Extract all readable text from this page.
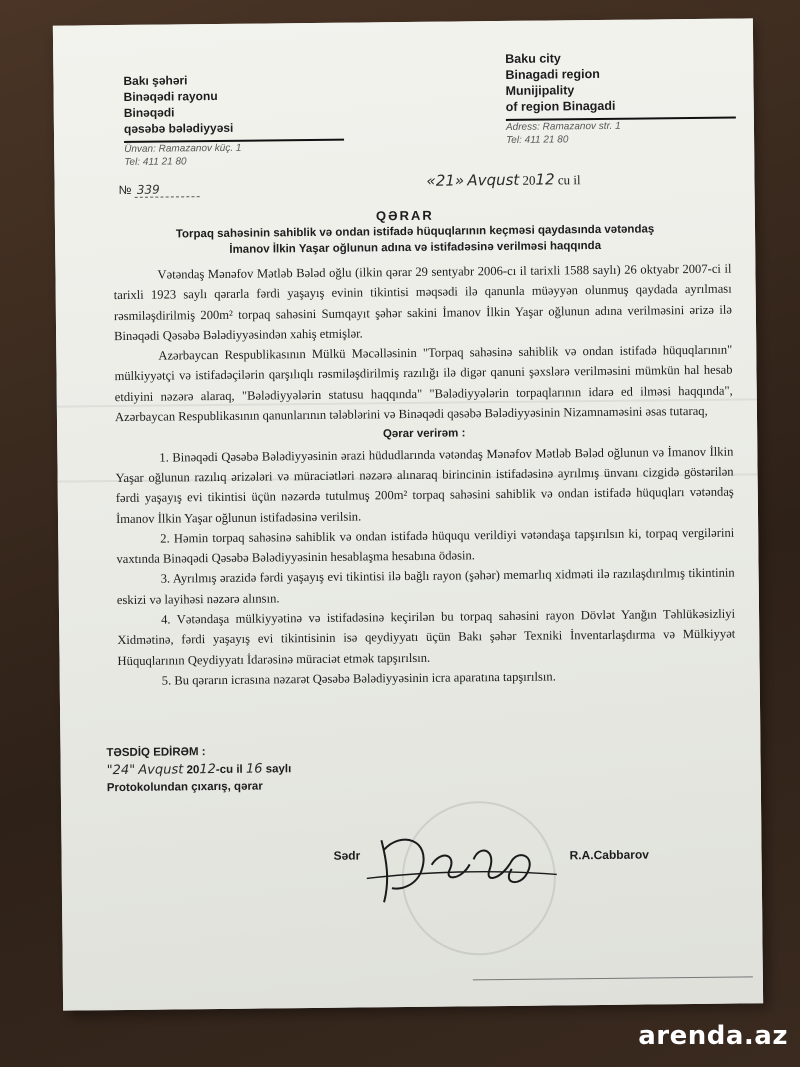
Bakı şəhəri
Binəqədi rayonu
Binəqədi
qəsəbə bələdiyyəsi
Ünvan: Ramazanov küç. 1
Tel: 411 21 80
Baku city
Binagadi region
Munijipality
of region Binagadi
Adress: Ramazanov str. 1
Tel: 411 21 80
№ 339	«21» Avqust 2012 cu il
QƏRAR
Torpaq sahəsinin sahiblik və ondan istifadə hüquqlarının keçməsi qaydasında vətəndaş
İmanov İlkin Yaşar oğlunun adına və istifadəsinə verilməsi haqqında

Vətəndaş Mənəfov Mətləb Bələd oğlu (ilkin qərar 29 sentyabr 2006-cı il tarixli 1588 saylı) 26 oktyabr 2007-ci il tarixli 1923 saylı qərarla fərdi yaşayış evinin tikintisi məqsədi ilə qanunla müəyyən olunmuş qaydada ayrılması rəsmiləşdirilmiş 200m² torpaq sahəsini Sumqayıt şəhər sakini İmanov İlkin Yaşar oğlunun adına verilməsini ərizə ilə Binəqədi Qəsəbə Bələdiyyəsindən xahiş etmişlər.

Azərbaycan Respublikasının Mülkü Məcəlləsinin "Torpaq sahəsinə sahiblik və ondan istifadə hüquqlarının" mülkiyyətçi və istifadəçilərin qarşılıqlı rəsmiləşdirilmiş razılığı ilə digər qanuni şəxslərə verilməsini mümkün hal hesab etdiyini nəzərə alaraq, "Bələdiyyələrin statusu haqqında" "Bələdiyyələrin torpaqlarının idarə ed ilməsi haqqında", Azərbaycan Respublikasının qanunlarının tələblərini və Binəqədi qəsəbə Bələdiyyəsinin Nizamnaməsini əsas tutaraq,

Qərar verirəm :

1. Binəqədi Qəsəbə Bələdiyyəsinin ərazi hüdudlarında vətəndaş Mənəfov Mətləb Bələd oğlunun və İmanov İlkin Yaşar oğlunun razılıq ərizələri və müraciətləri nəzərə alınaraq birincinin istifadəsinə ayrılmış ünvanı cizgidə göstərilən fərdi yaşayış evi tikintisi üçün nəzərdə tutulmuş 200m² torpaq sahəsini sahiblik və ondan istifadə hüquqları vətəndaş İmanov İlkin Yaşar oğlunun istifadəsinə verilsin.

2. Həmin torpaq sahəsinə sahiblik və ondan istifadə hüququ verildiyi vətəndaşa tapşırılsın ki, torpaq vergilərini vaxtında Binəqədi Qəsəbə Bələdiyyəsinin hesablaşma hesabına ödəsin.

3. Ayrılmış ərazidə fərdi yaşayış evi tikintisi ilə bağlı rayon (şəhər) memarlıq xidməti ilə razılaşdırılmış tikintinin eskizi və layihəsi nəzərə alınsın.

4. Vətəndaşa mülkiyyətinə və istifadəsinə keçirilən bu torpaq sahəsini rayon Dövlət Yanğın Təhlükəsizliyi Xidmətinə, fərdi yaşayış evi tikintisinin isə qeydiyyatı üçün Bakı şəhər Texniki İnventarlaşdırma və Mülkiyyət Hüquqlarının Qeydiyyatı İdarəsinə müraciət etmək tapşırılsın.

5. Bu qərarın icrasına nəzarət Qəsəbə Bələdiyyəsinin icra aparatına tapşırılsın.

TƏSDİQ EDİRƏM :
"24" Avqust 2012-cu il 16 saylı
Protokolundan çıxarış, qərar
Sədr	R.A.Cabbarov
arenda.az
